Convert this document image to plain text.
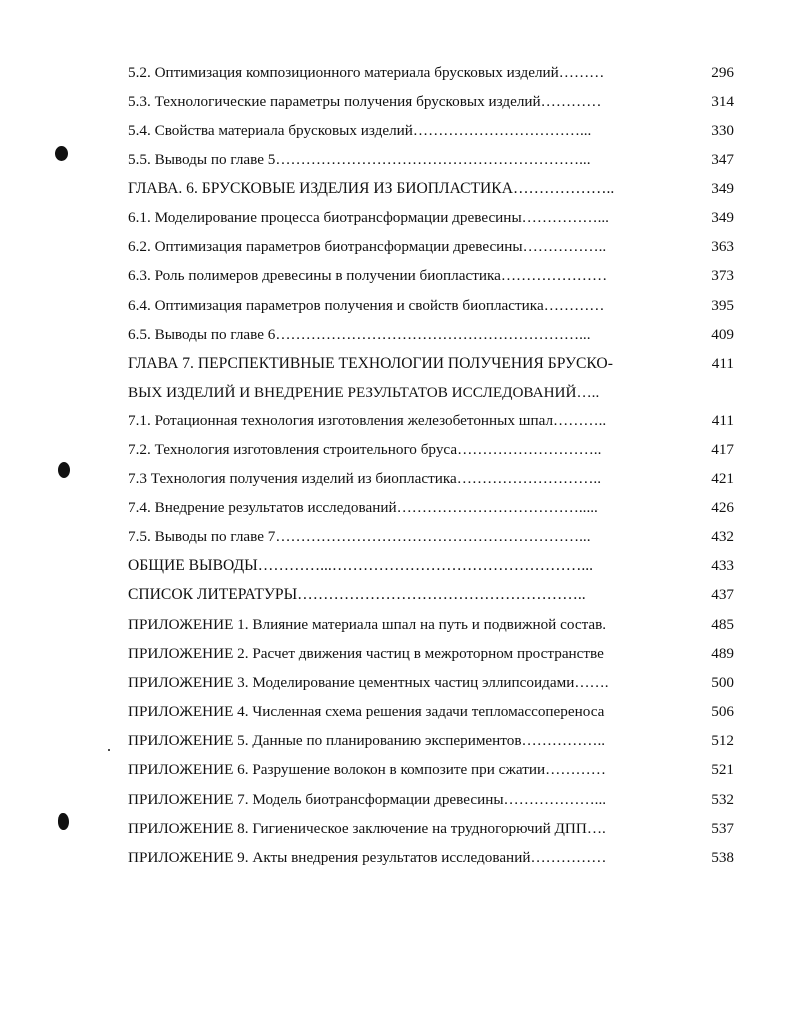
5.2. Оптимизация композиционного материала брусковых изделий………	296
5.3. Технологические параметры получения брусковых изделий…………	314
5.4. Свойства материала брусковых изделий……………………………...	330
5.5. Выводы по главе 5……………………………………………………...	347
ГЛАВА. 6. БРУСКОВЫЕ ИЗДЕЛИЯ ИЗ БИОПЛАСТИКА………………..	349
6.1. Моделирование процесса биотрансформации древесины……………...	349
6.2. Оптимизация параметров биотрансформации древесины……………..	363
6.3. Роль полимеров древесины в получении биопластика…………………	373
6.4. Оптимизация параметров получения и свойств биопластика…………	395
6.5. Выводы по главе 6……………………………………………………...	409
ГЛАВА 7. ПЕРСПЕКТИВНЫЕ ТЕХНОЛОГИИ ПОЛУЧЕНИЯ БРУСКО-
ВЫХ ИЗДЕЛИЙ И ВНЕДРЕНИЕ РЕЗУЛЬТАТОВ ИССЛЕДОВАНИЙ…..
411
7.1. Ротационная технология изготовления железобетонных шпал………..	411
7.2. Технология изготовления строительного бруса………………………..	417
7.3 Технология получения изделий из биопластика………………………..	421
7.4. Внедрение результатов исследований……………………………….....	426
7.5. Выводы по главе 7……………………………………………………...	432
ОБЩИЕ ВЫВОДЫ…………...…………………………………………...	433
СПИСОК ЛИТЕРАТУРЫ………………………………………………..	437
ПРИЛОЖЕНИЕ 1. Влияние материала шпал на путь и подвижной состав.	485
ПРИЛОЖЕНИЕ 2. Расчет движения частиц в межроторном пространстве	489
ПРИЛОЖЕНИЕ 3. Моделирование цементных частиц эллипсоидами…….	500
ПРИЛОЖЕНИЕ 4. Численная схема решения задачи тепломассопереноса	506
ПРИЛОЖЕНИЕ 5. Данные по планированию экспериментов……………..	512
ПРИЛОЖЕНИЕ 6. Разрушение волокон в композите при сжатии…………	521
ПРИЛОЖЕНИЕ 7. Модель биотрансформации древесины………………...	532
ПРИЛОЖЕНИЕ 8. Гигиеническое заключение на трудногорючий ДПП….	537
ПРИЛОЖЕНИЕ 9. Акты внедрения результатов исследований……………	538
